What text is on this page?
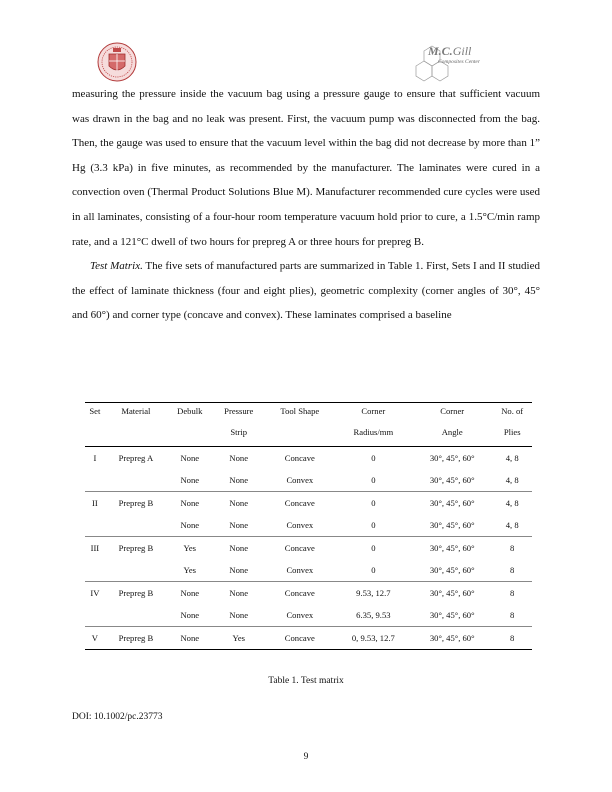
M.C.Gill
Composites Center

measuring the pressure inside the vacuum bag using a pressure gauge to ensure that sufficient vacuum was drawn in the bag and no leak was present. First, the vacuum pump was disconnected from the bag. Then, the gauge was used to ensure that the vacuum level within the bag did not decrease by more than 1” Hg (3.3 kPa) in five minutes, as recommended by the manufacturer. The laminates were cured in a convection oven (Thermal Product Solutions Blue M). Manufacturer recommended cure cycles were used in all laminates, consisting of a four-hour room temperature vacuum hold prior to cure, a 1.5°C/min ramp rate, and a 121°C dwell of two hours for prepreg A or three hours for prepreg B.

Test Matrix. The five sets of manufactured parts are summarized in Table 1. First, Sets I and II studied the effect of laminate thickness (four and eight plies), geometric complexity (corner angles of 30°, 45° and 60°) and corner type (concave and convex). These laminates comprised a baseline

Set	Material	Debulk	Pressure	Tool Shape	Corner	Corner	No. of
			Strip		Radius/mm	Angle	Plies
I	Prepreg A	None	None	Concave	0	30°, 45°, 60°	4, 8
		None	None	Convex	0	30°, 45°, 60°	4, 8
II	Prepreg B	None	None	Concave	0	30°, 45°, 60°	4, 8
		None	None	Convex	0	30°, 45°, 60°	4, 8
III	Prepreg B	Yes	None	Concave	0	30°, 45°, 60°	8
		Yes	None	Convex	0	30°, 45°, 60°	8
IV	Prepreg B	None	None	Concave	9.53, 12.7	30°, 45°, 60°	8
		None	None	Convex	6.35, 9.53	30°, 45°, 60°	8
V	Prepreg B	None	Yes	Concave	0, 9.53, 12.7	30°, 45°, 60°	8
Table 1. Test matrix
DOI: 10.1002/pc.23773
9
